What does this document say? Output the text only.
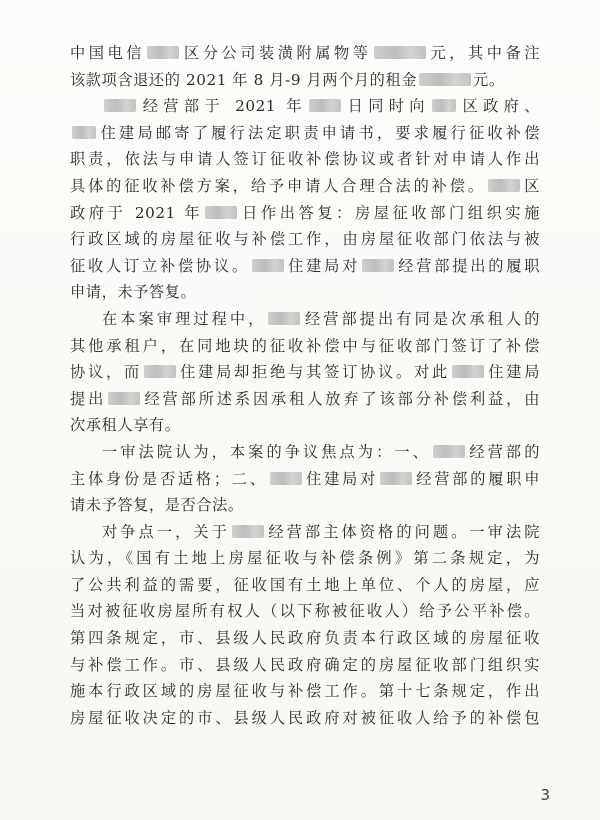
中国电信 区分公司装潢附属物等	元，其中备注
该款项含退还的 2021 年 8 月-9 月两个月的租金	元。
经营部于 2021 年 日同时向 区政府、
住建局邮寄了履行法定职责申请书，要求履行征收补偿
职责，依法与申请人签订征收补偿协议或者针对申请人作出
具体的征收补偿方案，给予申请人合理合法的补偿。 区
政府于 2021 年 日作出答复：房屋征收部门组织实施
行政区域的房屋征收与补偿工作，由房屋征收部门依法与被
征收人订立补偿协议。 住建局对 经营部提出的履职
申请，未予答复。
在本案审理过程中， 经营部提出有同是次承租人的
其他承租户，在同地块的征收补偿中与征收部门签订了补偿
协议，而 住建局却拒绝与其签订协议。对此 住建局
提出 经营部所述系因承租人放弃了该部分补偿利益，由
次承租人享有。
一审法院认为，本案的争议焦点为：一、 经营部的
主体身份是否适格；二、 住建局对 经营部的履职申
请未予答复，是否合法。
对争点一，关于 经营部主体资格的问题。一审法院
认为，《国有土地上房屋征收与补偿条例》第二条规定，为
了公共利益的需要，征收国有土地上单位、个人的房屋，应
当对被征收房屋所有权人（以下称被征收人）给予公平补偿。
第四条规定，市、县级人民政府负责本行政区域的房屋征收
与补偿工作。市、县级人民政府确定的房屋征收部门组织实
施本行政区域的房屋征收与补偿工作。第十七条规定，作出
房屋征收决定的市、县级人民政府对被征收人给予的补偿包
3
